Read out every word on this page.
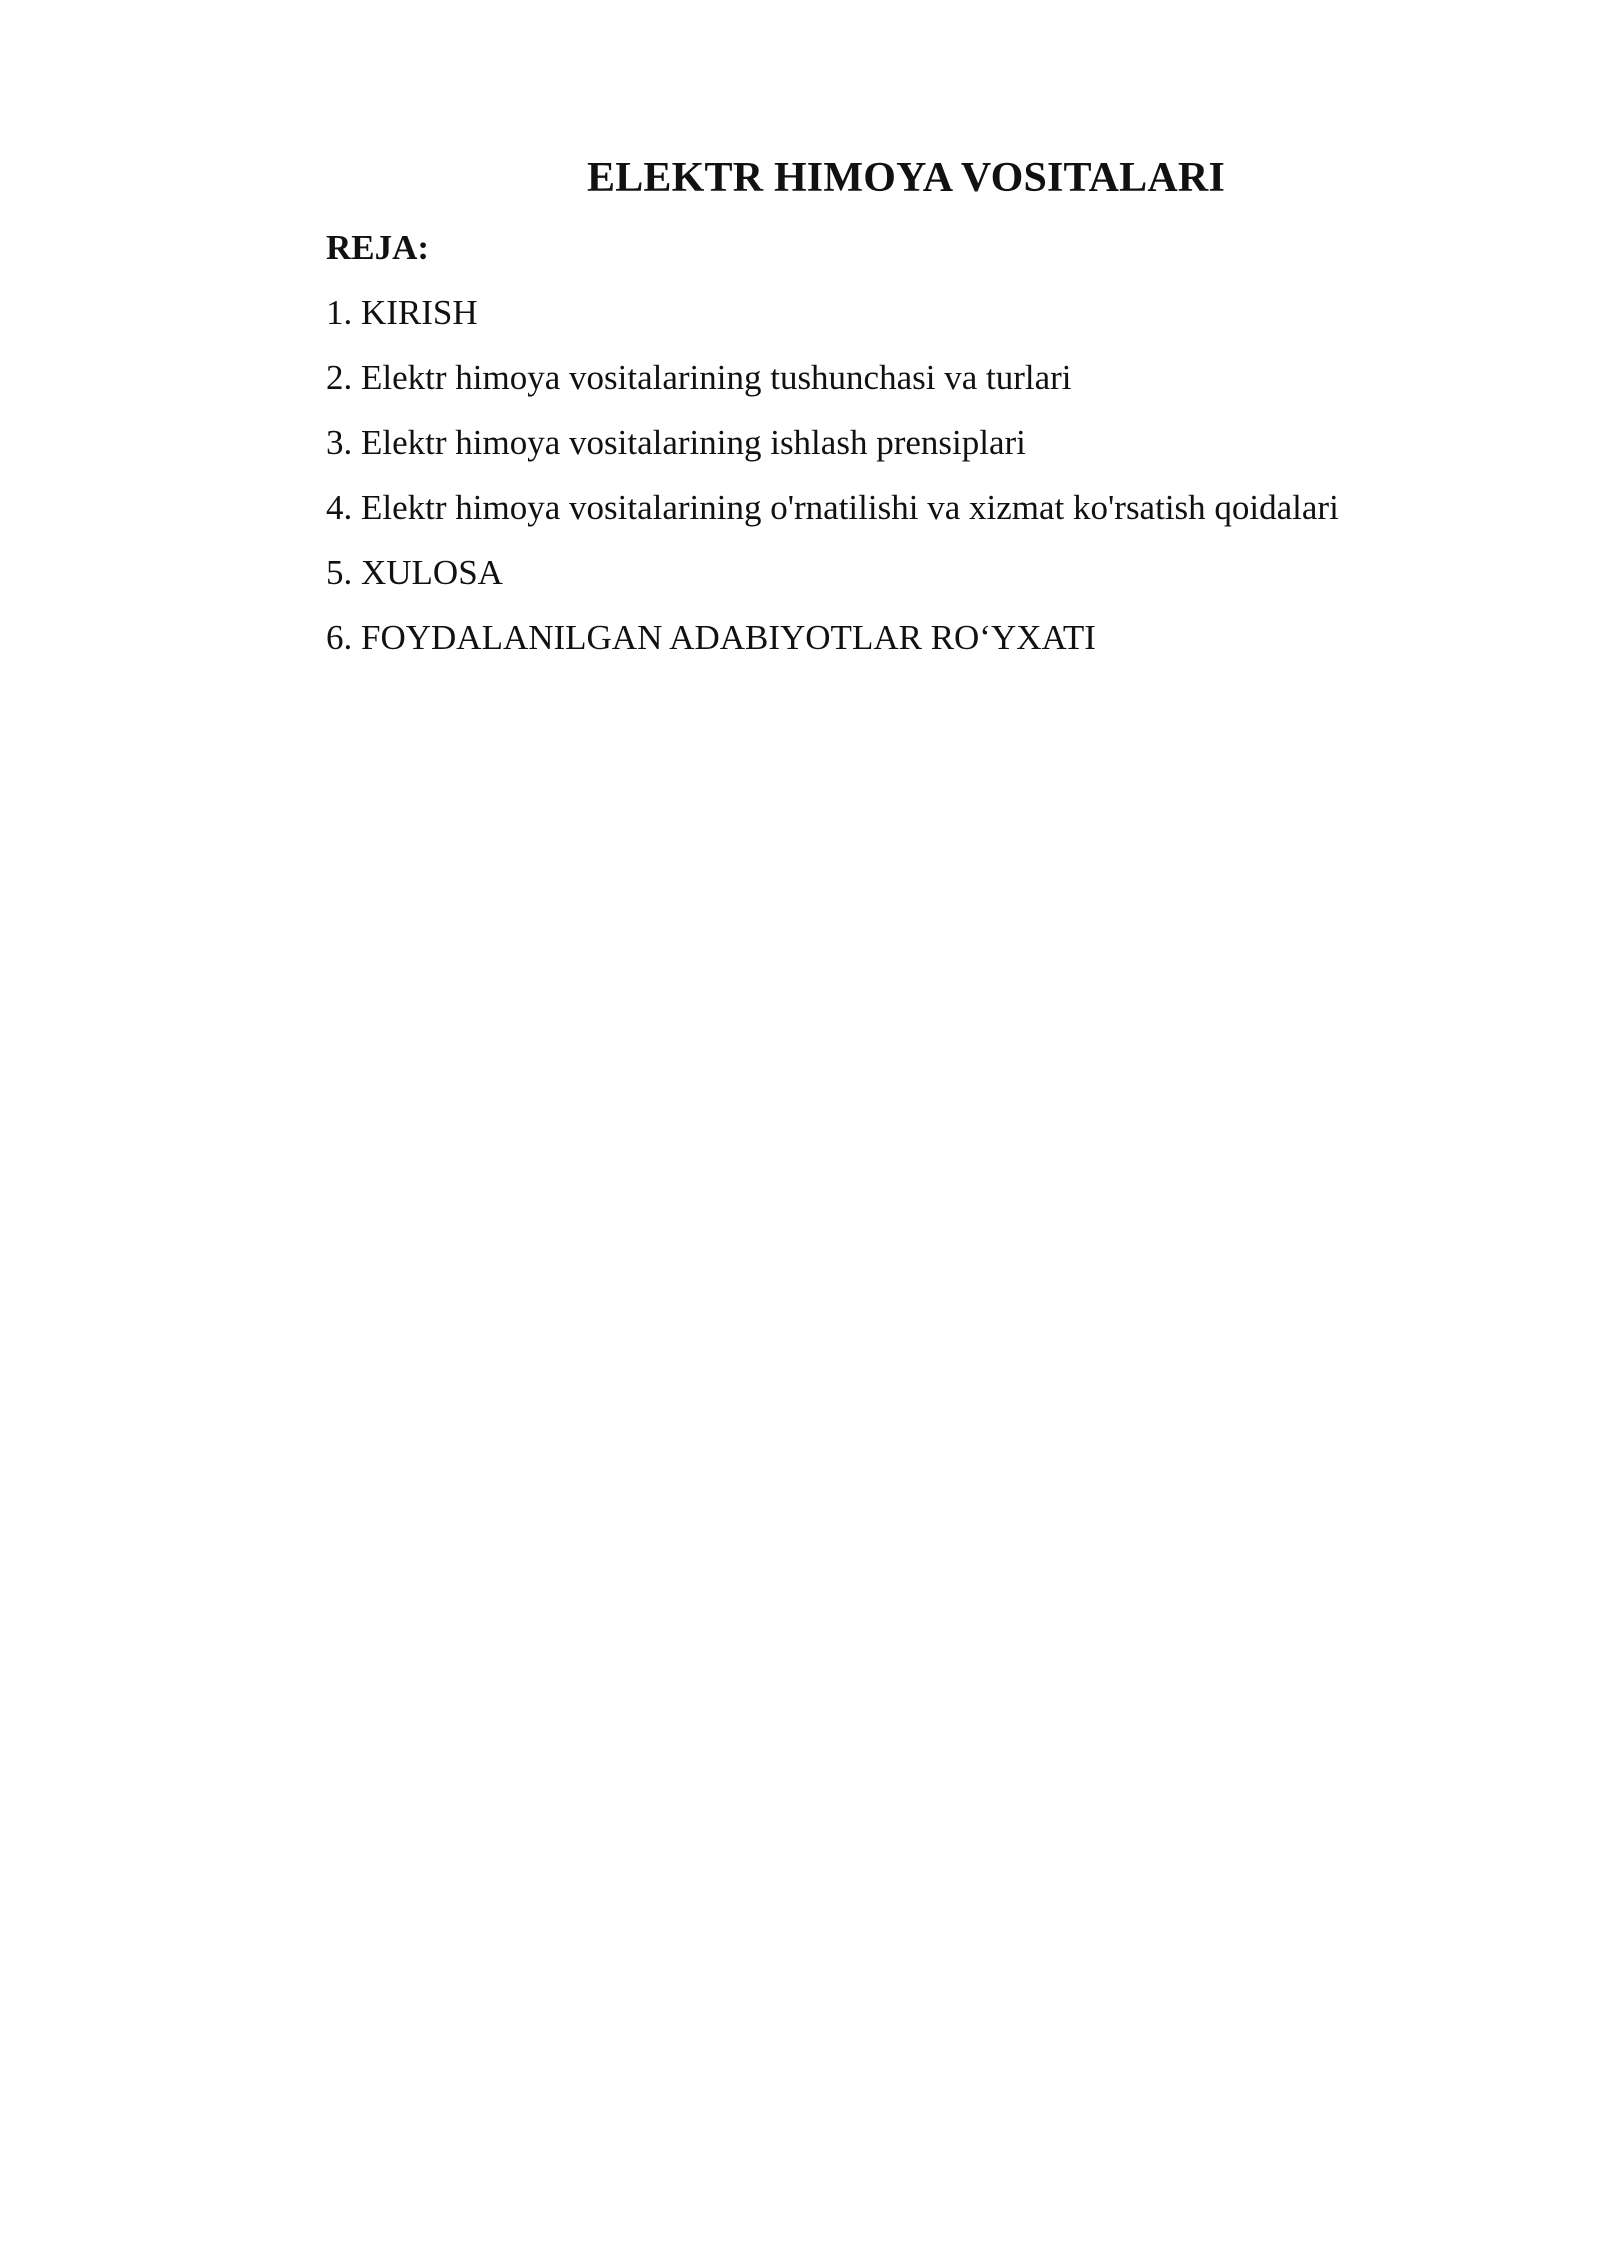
ELEKTR HIMOYA VOSITALARI

REJA:

1. KIRISH
2. Elektr himoya vositalarining tushunchasi va turlari
3. Elektr himoya vositalarining ishlash prensiplari
4. Elektr himoya vositalarining o'rnatilishi va xizmat ko'rsatish qoidalari
5. XULOSA
6. FOYDALANILGAN ADABIYOTLAR RO‘YXATI
